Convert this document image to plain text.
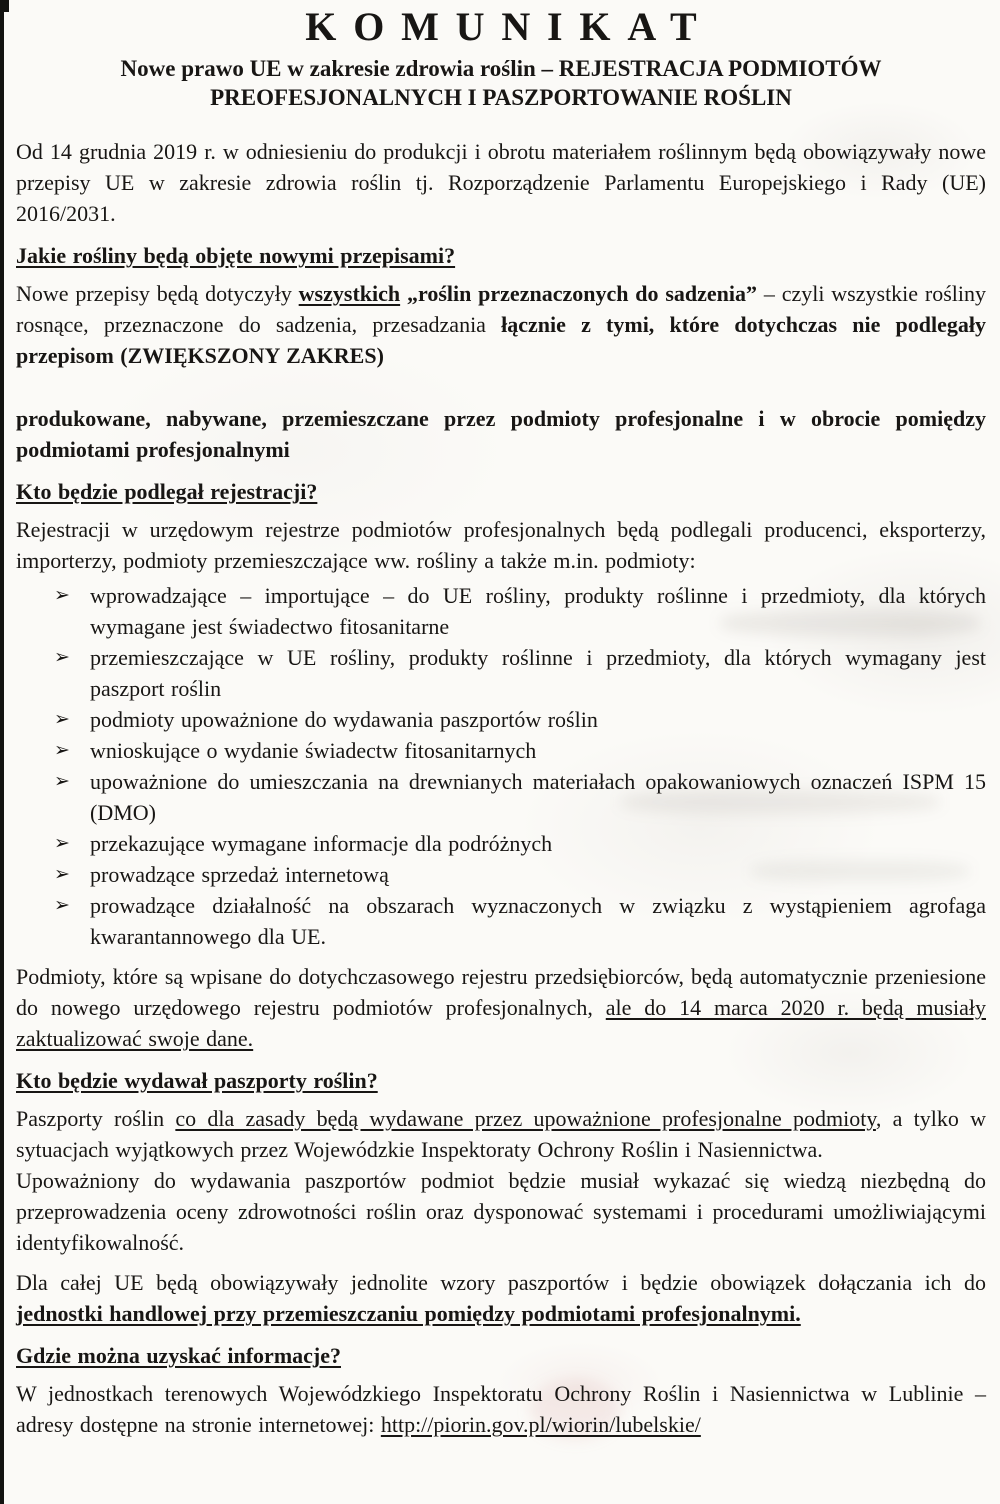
KOMUNIKAT
Nowe prawo UE w zakresie zdrowia roślin – REJESTRACJA PODMIOTÓW
PREOFESJONALNYCH I PASZPORTOWANIE ROŚLIN

Od 14 grudnia 2019 r. w odniesieniu do produkcji i obrotu materiałem roślinnym będą obowiązywały nowe przepisy UE w zakresie zdrowia roślin tj. Rozporządzenie Parlamentu Europejskiego i Rady (UE) 2016/2031.

Jakie rośliny będą objęte nowymi przepisami?

Nowe przepisy będą dotyczyły wszystkich „roślin przeznaczonych do sadzenia” – czyli wszystkie rośliny rosnące, przeznaczone do sadzenia, przesadzania łącznie z tymi, które dotychczas nie podlegały przepisom (ZWIĘKSZONY ZAKRES)

produkowane, nabywane, przemieszczane przez podmioty profesjonalne i w obrocie pomiędzy podmiotami profesjonalnymi

Kto będzie podlegał rejestracji?

Rejestracji w urzędowym rejestrze podmiotów profesjonalnych będą podlegali producenci, eksporterzy, importerzy, podmioty przemieszczające ww. rośliny a także m.in. podmioty:

➢ wprowadzające – importujące – do UE rośliny, produkty roślinne i przedmioty, dla których wymagane jest świadectwo fitosanitarne
➢ przemieszczające w UE rośliny, produkty roślinne i przedmioty, dla których wymagany jest paszport roślin
➢ podmioty upoważnione do wydawania paszportów roślin
➢ wnioskujące o wydanie świadectw fitosanitarnych
➢ upoważnione do umieszczania na drewnianych materiałach opakowaniowych oznaczeń ISPM 15 (DMO)
➢ przekazujące wymagane informacje dla podróżnych
➢ prowadzące sprzedaż internetową
➢ prowadzące działalność na obszarach wyznaczonych w związku z wystąpieniem agrofaga kwarantannowego dla UE.

Podmioty, które są wpisane do dotychczasowego rejestru przedsiębiorców, będą automatycznie przeniesione do nowego urzędowego rejestru podmiotów profesjonalnych, ale do 14 marca 2020 r. będą musiały zaktualizować swoje dane.

Kto będzie wydawał paszporty roślin?

Paszporty roślin co dla zasady będą wydawane przez upoważnione profesjonalne podmioty, a tylko w sytuacjach wyjątkowych przez Wojewódzkie Inspektoraty Ochrony Roślin i Nasiennictwa.

Upoważniony do wydawania paszportów podmiot będzie musiał wykazać się wiedzą niezbędną do przeprowadzenia oceny zdrowotności roślin oraz dysponować systemami i procedurami umożliwiającymi identyfikowalność.

Dla całej UE będą obowiązywały jednolite wzory paszportów i będzie obowiązek dołączania ich do jednostki handlowej przy przemieszczaniu pomiędzy podmiotami profesjonalnymi.

Gdzie można uzyskać informacje?

W jednostkach terenowych Wojewódzkiego Inspektoratu Ochrony Roślin i Nasiennictwa w Lublinie – adresy dostępne na stronie internetowej: http://piorin.gov.pl/wiorin/lubelskie/
